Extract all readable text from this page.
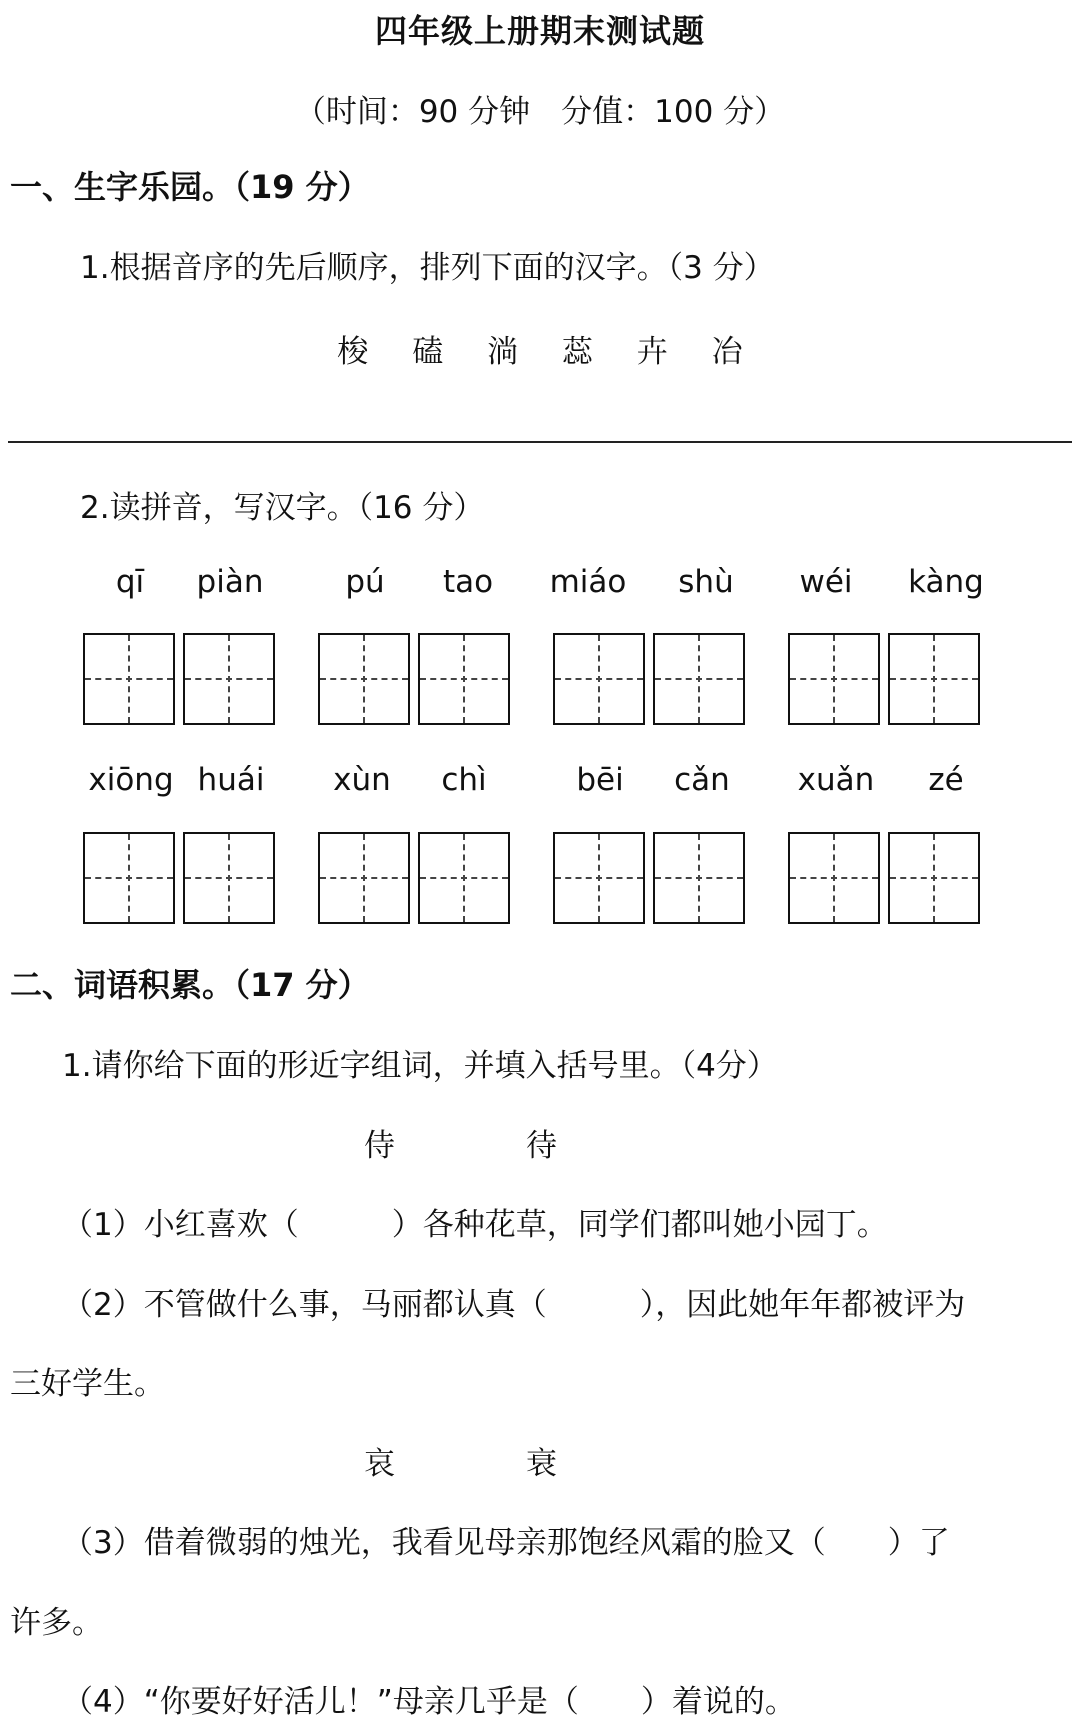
四年级上册期末测试题
（时间：90 分钟　分值：100 分）
一、生字乐园。（19 分）
1.根据音序的先后顺序，排列下面的汉字。（3 分）
梭 磕 淌 蕊 卉 冶
2.读拼音，写汉字。（16 分）
qī	piàn	pú	tao	miáo	shù	wéi	kàng
xiōng huái	xùn	chì	bēi	cǎn	xuǎn	zé
二、词语积累。（17 分）
1.请你给下面的形近字组词，并填入括号里。（4分）
侍	待
（1）小红喜欢（　　　）各种花草，同学们都叫她小园丁。
（2）不管做什么事，马丽都认真（　　　），因此她年年都被评为
三好学生。
哀	衰
（3）借着微弱的烛光，我看见母亲那饱经风霜的脸又（　　）了
许多。
（4）“你要好好活儿！”母亲几乎是（　　）着说的。
